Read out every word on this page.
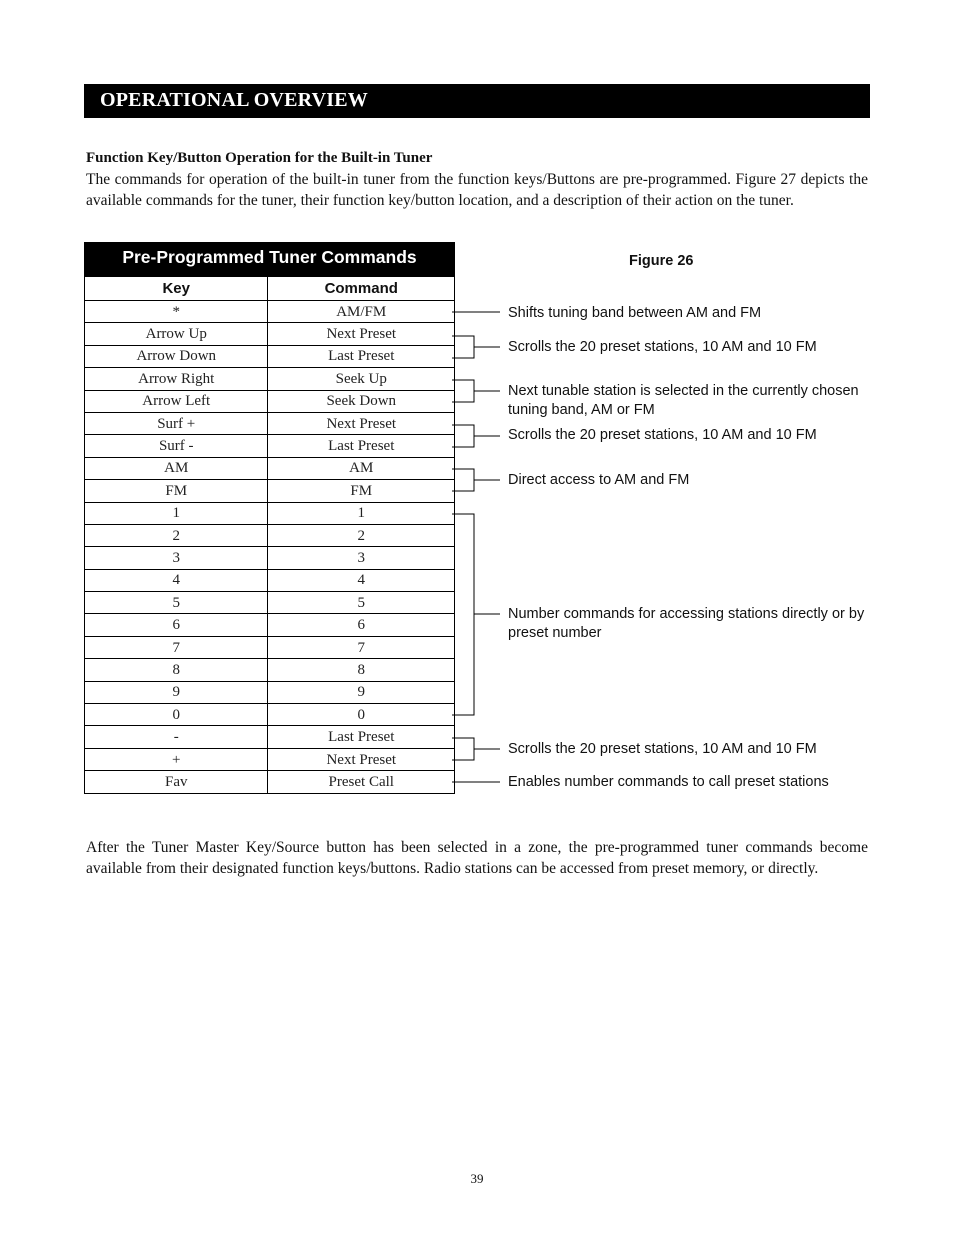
OPERATIONAL OVERVIEW
Function Key/Button Operation for the Built-in Tuner

The commands for operation of the built-in tuner from the function keys/Buttons are pre-programmed. Figure 27 depicts the available commands for the tuner, their function key/button location, and a description of their action on the tuner.

Pre-Programmed Tuner Commands
Key	Command
*	AM/FM
Arrow Up	Next Preset
Arrow Down	Last Preset
Arrow Right	Seek Up
Arrow Left	Seek Down
Surf +	Next Preset
Surf -	Last Preset
AM	AM
FM	FM
1	1
2	2
3	3
4	4
5	5
6	6
7	7
8	8
9	9
0	0
-	Last Preset
+	Next Preset
Fav	Preset Call
Figure 26
Shifts tuning band between AM and FM
Scrolls the 20 preset stations, 10 AM and 10 FM
Next tunable station is selected in the currently chosen tuning band, AM or FM
Scrolls the 20 preset stations, 10 AM and 10 FM
Direct access to AM and FM
Number commands for accessing stations directly or by preset number
Scrolls the 20 preset stations, 10 AM and 10 FM
Enables number commands to call preset stations

After the Tuner Master Key/Source button has been selected in a zone, the pre-programmed tuner commands become available from their designated function keys/buttons. Radio stations can be accessed from preset memory, or directly.

39
